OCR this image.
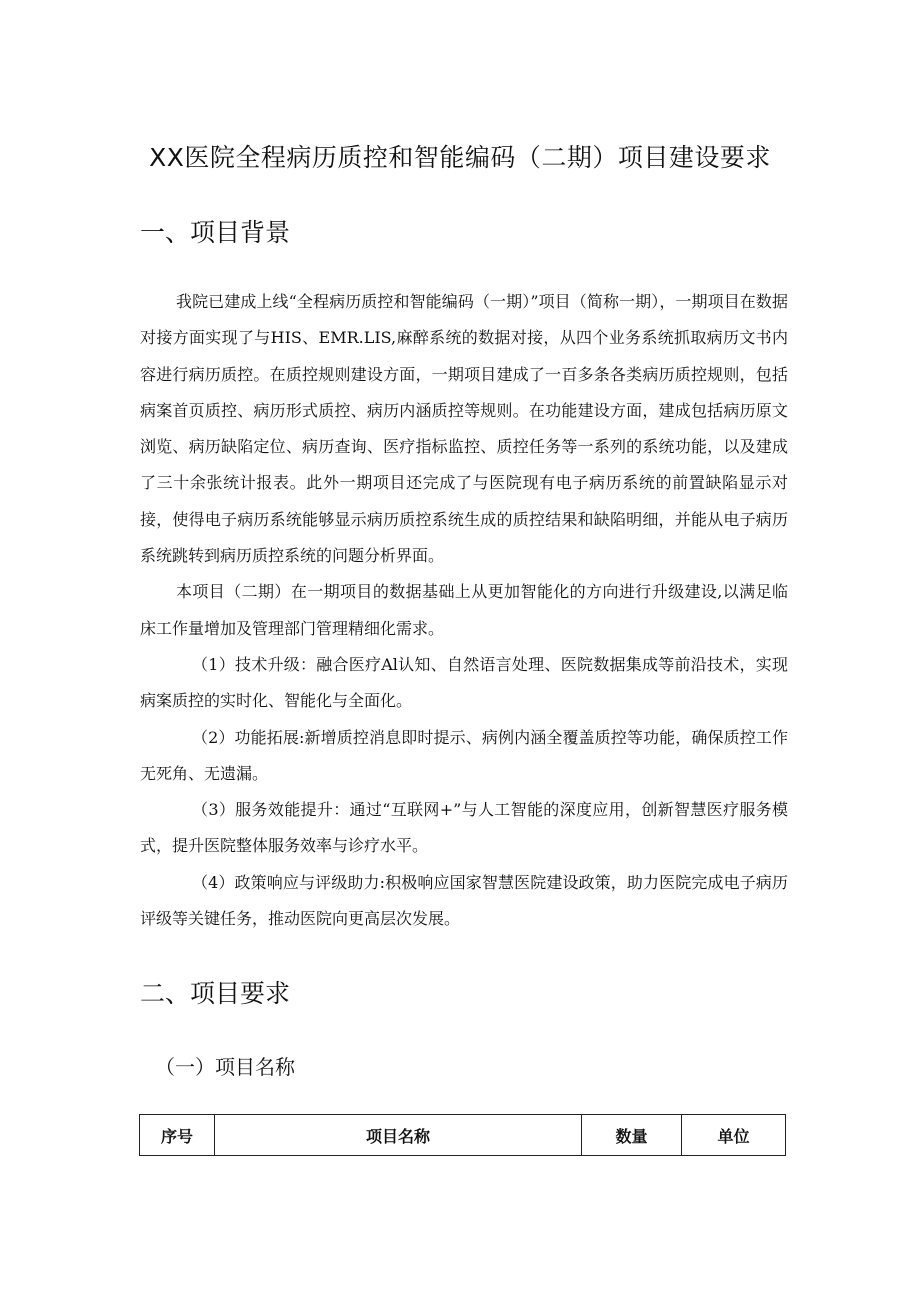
XX医院全程病历质控和智能编码（二期）项目建设要求
一、项目背景

我院已建成上线“全程病历质控和智能编码（一期）”项目（简称一期），一期项目在数据对接方面实现了与HIS、EMR.LIS,麻醉系统的数据对接，从四个业务系统抓取病历文书内容进行病历质控。在质控规则建设方面，一期项目建成了一百多条各类病历质控规则，包括病案首页质控、病历形式质控、病历内涵质控等规则。在功能建设方面，建成包括病历原文浏览、病历缺陷定位、病历查询、医疗指标监控、质控任务等一系列的系统功能，以及建成了三十余张统计报表。此外一期项目还完成了与医院现有电子病历系统的前置缺陷显示对接，使得电子病历系统能够显示病历质控系统生成的质控结果和缺陷明细，并能从电子病历系统跳转到病历质控系统的问题分析界面。

本项目（二期）在一期项目的数据基础上从更加智能化的方向进行升级建设,以满足临床工作量增加及管理部门管理精细化需求。

（1）技术升级：融合医疗Al认知、自然语言处理、医院数据集成等前沿技术，实现病案质控的实时化、智能化与全面化。

（2）功能拓展:新增质控消息即时提示、病例内涵全覆盖质控等功能，确保质控工作无死角、无遗漏。

（3）服务效能提升：通过“互联网+”与人工智能的深度应用，创新智慧医疗服务模式，提升医院整体服务效率与诊疗水平。

（4）政策响应与评级助力:积极响应国家智慧医院建设政策，助力医院完成电子病历评级等关键任务，推动医院向更高层次发展。

二、项目要求
（一）项目名称
序号	项目名称	数量	单位
